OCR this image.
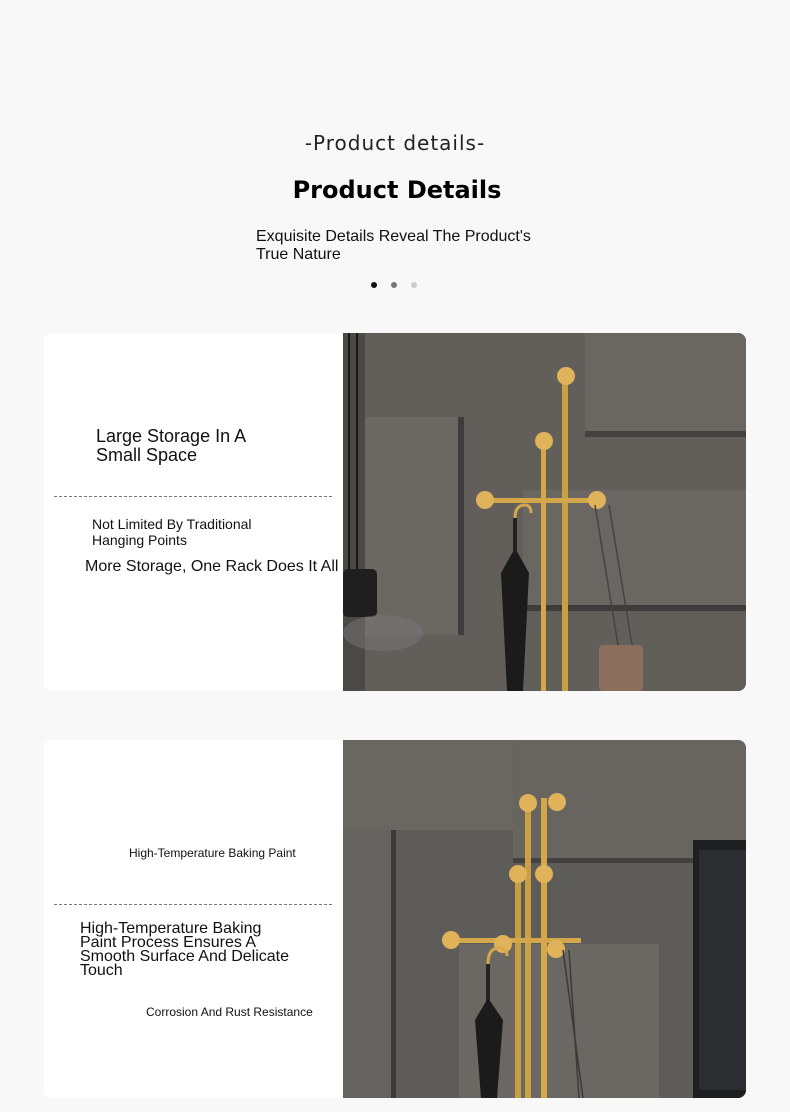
-Product details-
Product Details
Exquisite Details Reveal The Product's True Nature
Large Storage In A Small Space
Not Limited By Traditional Hanging Points
More Storage, One Rack Does It All
High-Temperature Baking Paint
High-Temperature Baking Paint Process Ensures A Smooth Surface And Delicate Touch
Corrosion And Rust Resistance
